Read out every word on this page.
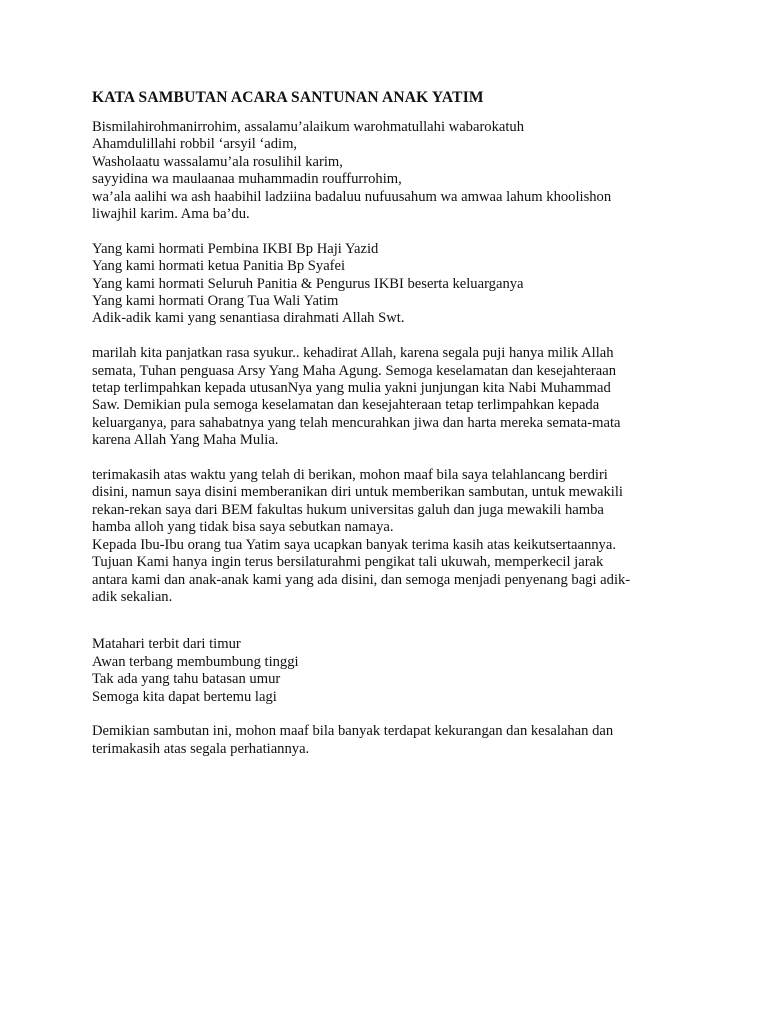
KATA SAMBUTAN ACARA SANTUNAN ANAK YATIM
Bismilahirohmanirrohim, assalamu’alaikum warohmatullahi wabarokatuh
Ahamdulillahi robbil ‘arsyil ‘adim,
Washolaatu wassalamu’ala rosulihil karim,
sayyidina wa maulaanaa muhammadin rouffurrohim,
wa’ala aalihi wa ash haabihil ladziina badaluu nufuusahum wa amwaa lahum khoolishon
liwajhil karim. Ama ba’du.
Yang kami hormati Pembina IKBI Bp Haji Yazid
Yang kami hormati ketua Panitia Bp Syafei
Yang kami hormati Seluruh Panitia & Pengurus IKBI beserta keluarganya
Yang kami hormati Orang Tua Wali Yatim
Adik-adik kami yang senantiasa dirahmati Allah Swt.
marilah kita panjatkan rasa syukur.. kehadirat Allah, karena segala puji hanya milik Allah
semata, Tuhan penguasa Arsy Yang Maha Agung. Semoga keselamatan dan kesejahteraan
tetap terlimpahkan kepada utusanNya yang mulia yakni junjungan kita Nabi Muhammad
Saw. Demikian pula semoga keselamatan dan kesejahteraan tetap terlimpahkan kepada
keluarganya, para sahabatnya yang telah mencurahkan jiwa dan harta mereka semata-mata
karena Allah Yang Maha Mulia.
terimakasih atas waktu yang telah di berikan, mohon maaf bila saya telahlancang berdiri
disini, namun saya disini memberanikan diri untuk memberikan sambutan, untuk mewakili
rekan-rekan saya dari BEM fakultas hukum universitas galuh dan juga mewakili hamba
hamba alloh yang tidak bisa saya sebutkan namaya.
Kepada Ibu-Ibu orang tua Yatim saya ucapkan banyak terima kasih atas keikutsertaannya.
Tujuan Kami hanya ingin terus bersilaturahmi pengikat tali ukuwah, memperkecil jarak
antara kami dan anak-anak kami yang ada disini, dan semoga menjadi penyenang bagi adik-
adik sekalian.
Matahari terbit dari timur
Awan terbang membumbung tinggi
Tak ada yang tahu batasan umur
Semoga kita dapat bertemu lagi
Demikian sambutan ini, mohon maaf bila banyak terdapat kekurangan dan kesalahan dan
terimakasih atas segala perhatiannya.
